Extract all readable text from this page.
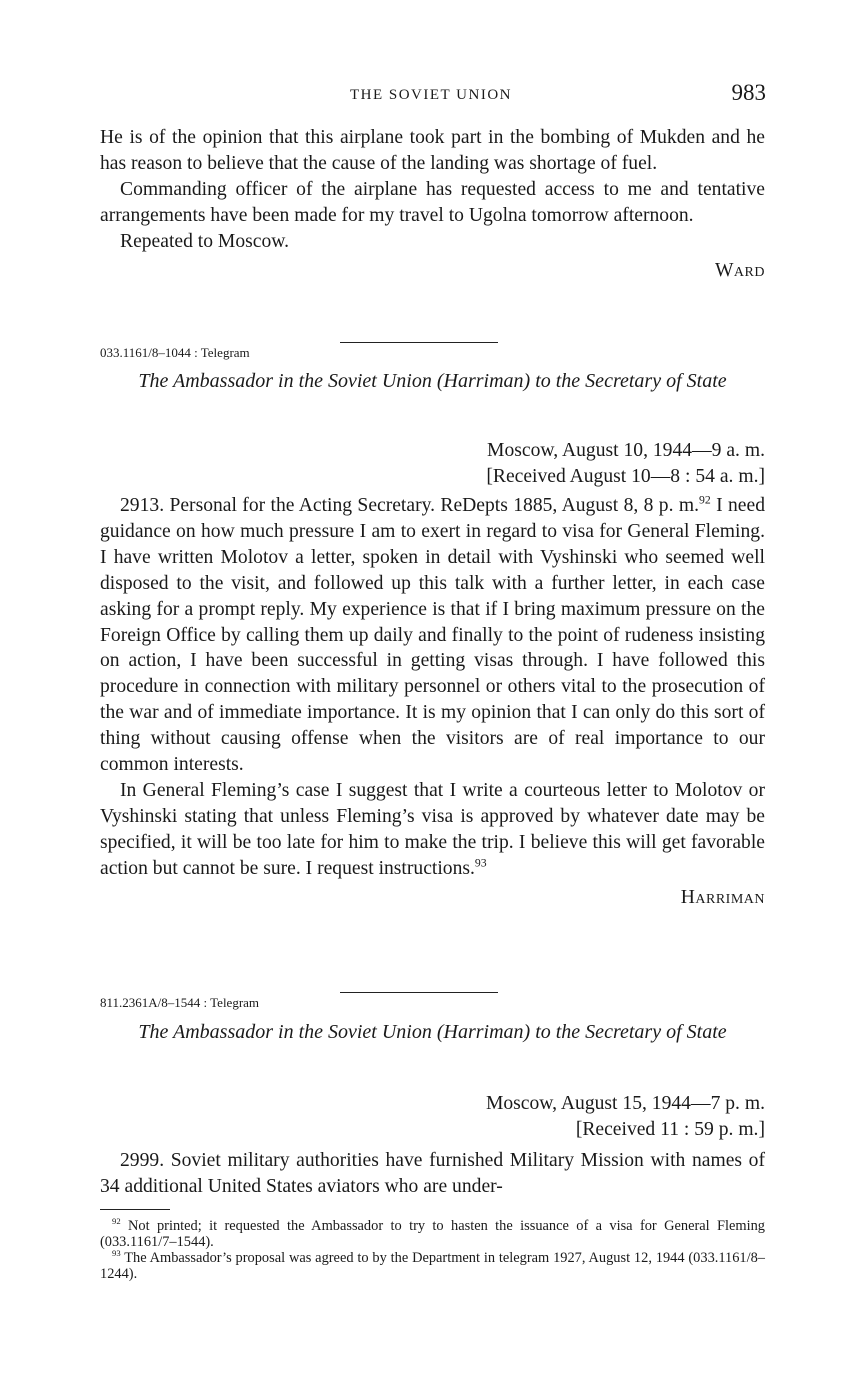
THE SOVIET UNION	983

He is of the opinion that this airplane took part in the bombing of Mukden and he has reason to believe that the cause of the landing was shortage of fuel.

Commanding officer of the airplane has requested access to me and tentative arrangements have been made for my travel to Ugolna tomorrow afternoon.

Repeated to Moscow.

Ward

033.1161/8–1044 : Telegram
The Ambassador in the Soviet Union (Harriman) to the Secretary of State
Moscow, August 10, 1944—9 a. m.
[Received August 10—8 : 54 a. m.]

2913. Personal for the Acting Secretary. ReDepts 1885, August 8, 8 p. m.$^{92}$ I need guidance on how much pressure I am to exert in regard to visa for General Fleming. I have written Molotov a letter, spoken in detail with Vyshinski who seemed well disposed to the visit, and followed up this talk with a further letter, in each case asking for a prompt reply. My experience is that if I bring maximum pressure on the Foreign Office by calling them up daily and finally to the point of rudeness insisting on action, I have been successful in getting visas through. I have followed this procedure in connection with military personnel or others vital to the prosecution of the war and of immediate importance. It is my opinion that I can only do this sort of thing without causing offense when the visitors are of real importance to our common interests.

In General Fleming’s case I suggest that I write a courteous letter to Molotov or Vyshinski stating that unless Fleming’s visa is approved by whatever date may be specified, it will be too late for him to make the trip. I believe this will get favorable action but cannot be sure. I request instructions.$^{93}$

Harriman

811.2361A/8–1544 : Telegram
The Ambassador in the Soviet Union (Harriman) to the Secretary of State
Moscow, August 15, 1944—7 p. m.
[Received 11 : 59 p. m.]

2999. Soviet military authorities have furnished Military Mission with names of 34 additional United States aviators who are under-

$^{92}$ Not printed; it requested the Ambassador to try to hasten the issuance of a visa for General Fleming (033.1161/7–1544).

$^{93}$ The Ambassador’s proposal was agreed to by the Department in telegram 1927, August 12, 1944 (033.1161/8–1244).
